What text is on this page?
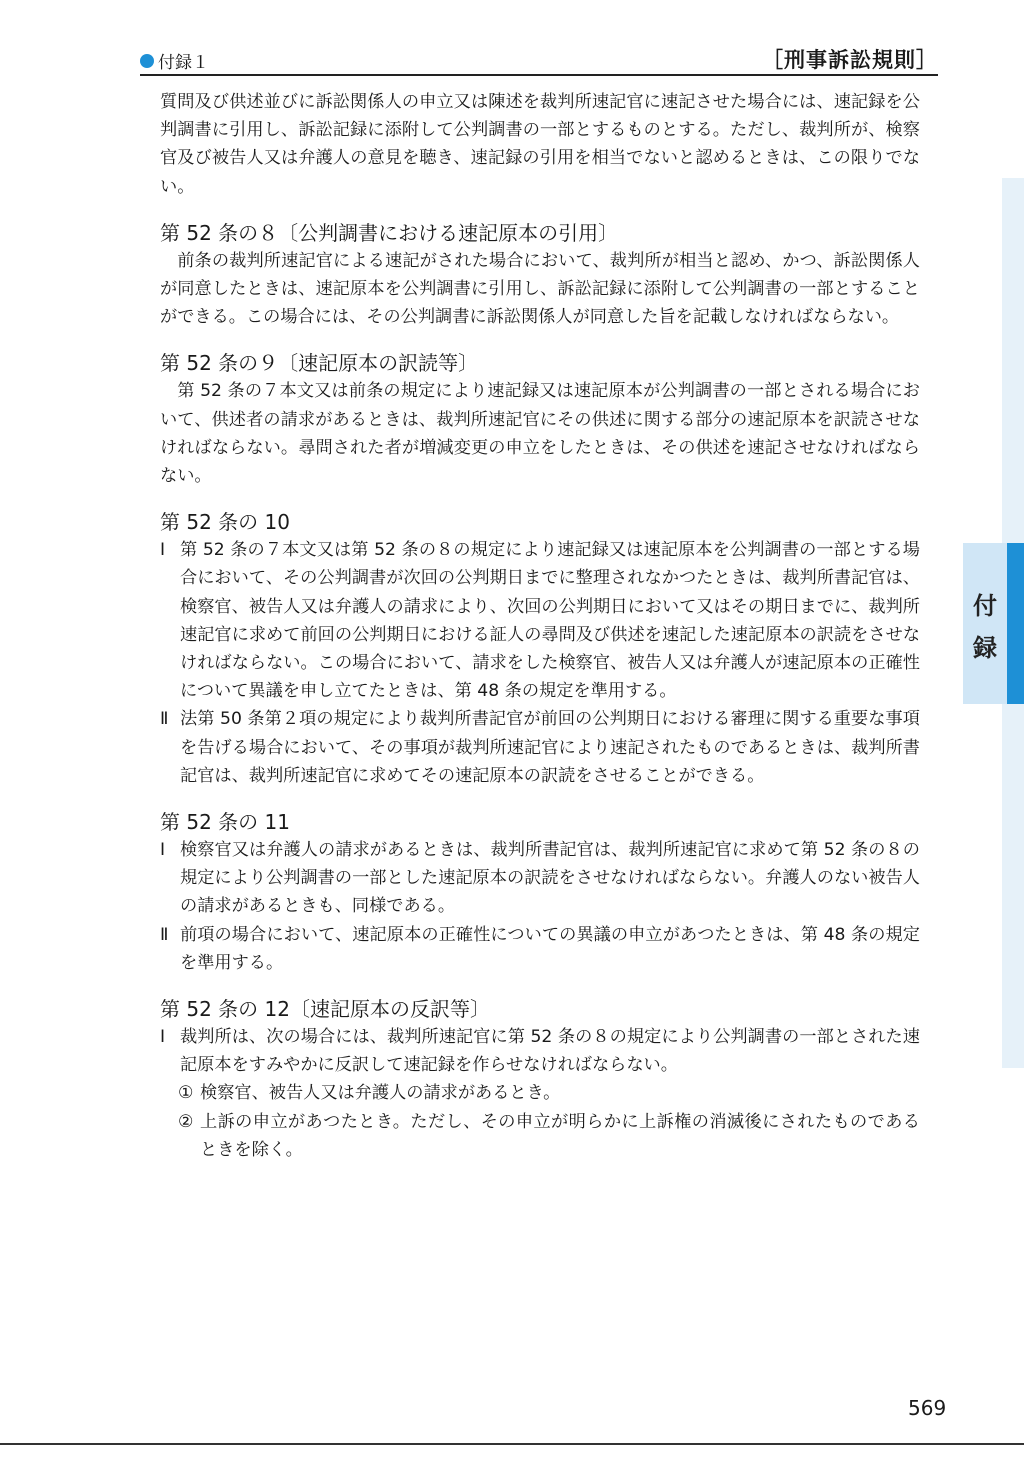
付録１	［刑事訴訟規則］
付
録

質問及び供述並びに訴訟関係人の申立又は陳述を裁判所速記官に速記させた場合には、速記録を公判調書に引用し、訴訟記録に添附して公判調書の一部とするものとする。ただし、裁判所が、検察官及び被告人又は弁護人の意見を聴き、速記録の引用を相当でないと認めるときは、この限りでない。

第 52 条の８〔公判調書における速記原本の引用〕

前条の裁判所速記官による速記がされた場合において、裁判所が相当と認め、かつ、訴訟関係人が同意したときは、速記原本を公判調書に引用し、訴訟記録に添附して公判調書の一部とすることができる。この場合には、その公判調書に訴訟関係人が同意した旨を記載しなければならない。

第 52 条の９〔速記原本の訳読等〕

第 52 条の７本文又は前条の規定により速記録又は速記原本が公判調書の一部とされる場合において、供述者の請求があるときは、裁判所速記官にその供述に関する部分の速記原本を訳読させなければならない。尋問された者が増減変更の申立をしたときは、その供述を速記させなければならない。

第 52 条の 10

Ⅰ 第 52 条の７本文又は第 52 条の８の規定により速記録又は速記原本を公判調書の一部とする場合において、その公判調書が次回の公判期日までに整理されなかつたときは、裁判所書記官は、検察官、被告人又は弁護人の請求により、次回の公判期日において又はその期日までに、裁判所速記官に求めて前回の公判期日における証人の尋問及び供述を速記した速記原本の訳読をさせなければならない。この場合において、請求をした検察官、被告人又は弁護人が速記原本の正確性について異議を申し立てたときは、第 48 条の規定を準用する。
Ⅱ 法第 50 条第２項の規定により裁判所書記官が前回の公判期日における審理に関する重要な事項を告げる場合において、その事項が裁判所速記官により速記されたものであるときは、裁判所書記官は、裁判所速記官に求めてその速記原本の訳読をさせることができる。

第 52 条の 11

Ⅰ 検察官又は弁護人の請求があるときは、裁判所書記官は、裁判所速記官に求めて第 52 条の８の規定により公判調書の一部とした速記原本の訳読をさせなければならない。弁護人のない被告人の請求があるときも、同様である。
Ⅱ 前項の場合において、速記原本の正確性についての異議の申立があつたときは、第 48 条の規定を準用する。

第 52 条の 12〔速記原本の反訳等〕

Ⅰ 裁判所は、次の場合には、裁判所速記官に第 52 条の８の規定により公判調書の一部とされた速記原本をすみやかに反訳して速記録を作らせなければならない。
① 検察官、被告人又は弁護人の請求があるとき。
② 上訴の申立があつたとき。ただし、その申立が明らかに上訴権の消滅後にされたものであるときを除く。
569
